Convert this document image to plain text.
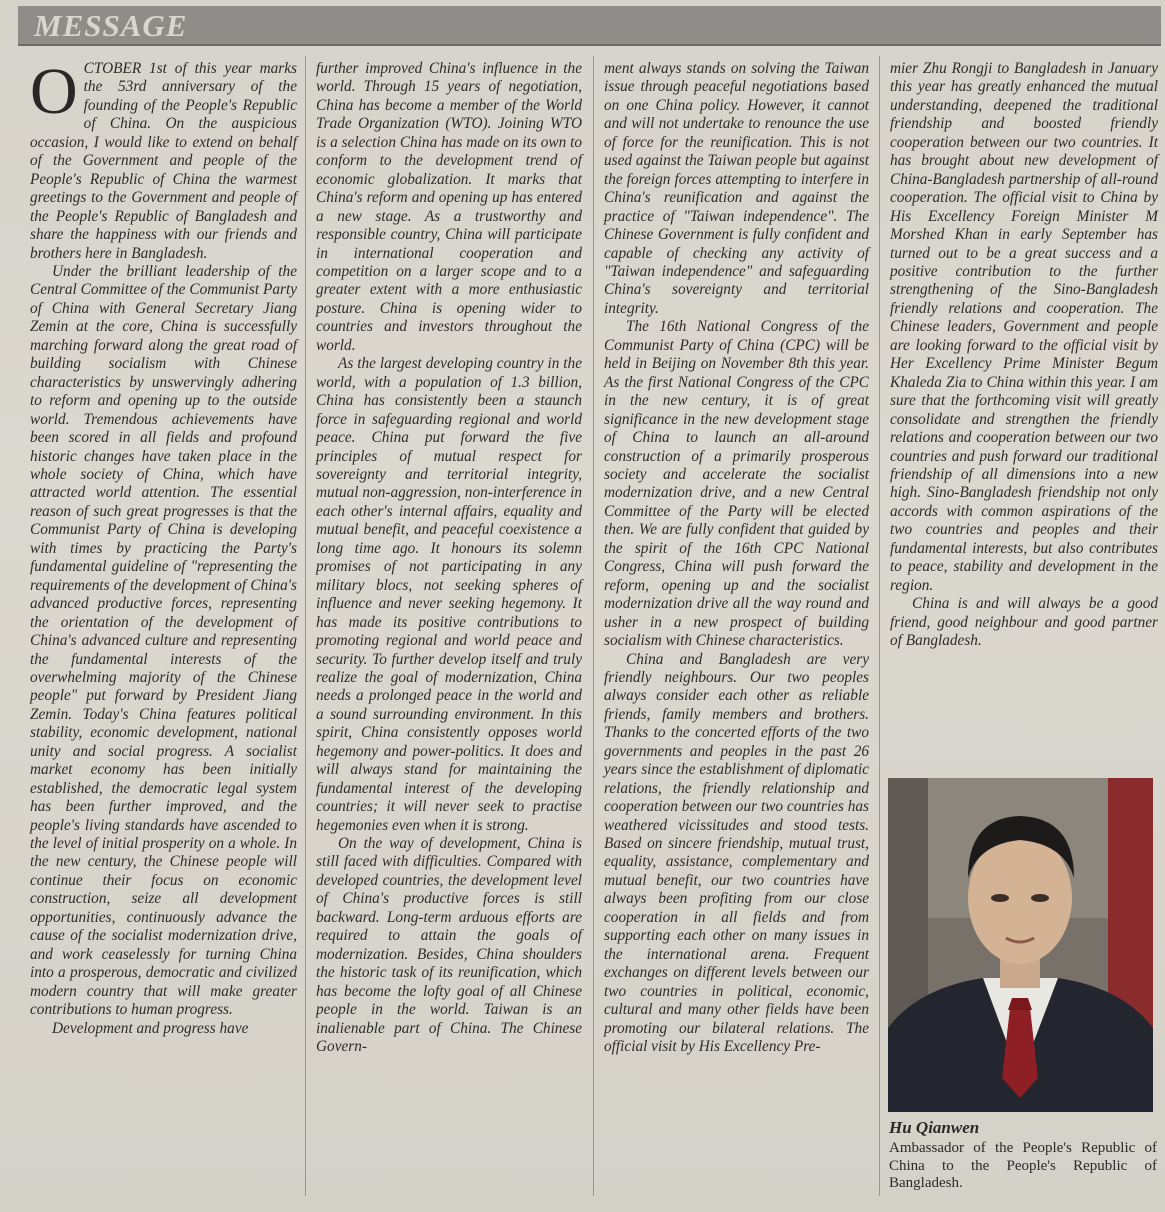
MESSAGE

OCTOBER 1st of this year marks the 53rd anniversary of the founding of the People's Republic of China. On the auspicious occasion, I would like to extend on behalf of the Government and people of the People's Republic of China the warmest greetings to the Government and people of the People's Republic of Bangladesh and share the happiness with our friends and brothers here in Bangladesh.

Under the brilliant leadership of the Central Committee of the Communist Party of China with General Secretary Jiang Zemin at the core, China is successfully marching forward along the great road of building socialism with Chinese characteristics by unswervingly adhering to reform and opening up to the outside world. Tremendous achievements have been scored in all fields and profound historic changes have taken place in the whole society of China, which have attracted world attention. The essential reason of such great progresses is that the Communist Party of China is developing with times by practicing the Party's fundamental guideline of "representing the requirements of the development of China's advanced productive forces, representing the orientation of the development of China's advanced culture and representing the fundamental interests of the overwhelming majority of the Chinese people" put forward by President Jiang Zemin. Today's China features political stability, economic development, national unity and social progress. A socialist market economy has been initially established, the democratic legal system has been further improved, and the people's living standards have ascended to the level of initial prosperity on a whole. In the new century, the Chinese people will continue their focus on economic construction, seize all development opportunities, continuously advance the cause of the socialist modernization drive, and work ceaselessly for turning China into a prosperous, democratic and civilized modern country that will make greater contributions to human progress.

Development and progress have

further improved China's influence in the world. Through 15 years of negotiation, China has become a member of the World Trade Organization (WTO). Joining WTO is a selection China has made on its own to conform to the development trend of economic globalization. It marks that China's reform and opening up has entered a new stage. As a trustworthy and responsible country, China will participate in international cooperation and competition on a larger scope and to a greater extent with a more enthusiastic posture. China is opening wider to countries and investors throughout the world.

As the largest developing country in the world, with a population of 1.3 billion, China has consistently been a staunch force in safeguarding regional and world peace. China put forward the five principles of mutual respect for sovereignty and territorial integrity, mutual non-aggression, non-interference in each other's internal affairs, equality and mutual benefit, and peaceful coexistence a long time ago. It honours its solemn promises of not participating in any military blocs, not seeking spheres of influence and never seeking hegemony. It has made its positive contributions to promoting regional and world peace and security. To further develop itself and truly realize the goal of modernization, China needs a prolonged peace in the world and a sound surrounding environment. In this spirit, China consistently opposes world hegemony and power-politics. It does and will always stand for maintaining the fundamental interest of the developing countries; it will never seek to practise hegemonies even when it is strong.

On the way of development, China is still faced with difficulties. Compared with developed countries, the development level of China's productive forces is still backward. Long-term arduous efforts are required to attain the goals of modernization. Besides, China shoulders the historic task of its reunification, which has become the lofty goal of all Chinese people in the world. Taiwan is an inalienable part of China. The Chinese Govern-

ment always stands on solving the Taiwan issue through peaceful negotiations based on one China policy. However, it cannot and will not undertake to renounce the use of force for the reunification. This is not used against the Taiwan people but against the foreign forces attempting to interfere in China's reunification and against the practice of "Taiwan independence". The Chinese Government is fully confident and capable of checking any activity of "Taiwan independence" and safeguarding China's sovereignty and territorial integrity.

The 16th National Congress of the Communist Party of China (CPC) will be held in Beijing on November 8th this year. As the first National Congress of the CPC in the new century, it is of great significance in the new development stage of China to launch an all-around construction of a primarily prosperous society and accelerate the socialist modernization drive, and a new Central Committee of the Party will be elected then. We are fully confident that guided by the spirit of the 16th CPC National Congress, China will push forward the reform, opening up and the socialist modernization drive all the way round and usher in a new prospect of building socialism with Chinese characteristics.

China and Bangladesh are very friendly neighbours. Our two peoples always consider each other as reliable friends, family members and brothers. Thanks to the concerted efforts of the two governments and peoples in the past 26 years since the establishment of diplomatic relations, the friendly relationship and cooperation between our two countries has weathered vicissitudes and stood tests. Based on sincere friendship, mutual trust, equality, assistance, complementary and mutual benefit, our two countries have always been profiting from our close cooperation in all fields and from supporting each other on many issues in the international arena. Frequent exchanges on different levels between our two countries in political, economic, cultural and many other fields have been promoting our bilateral relations. The official visit by His Excellency Pre-

mier Zhu Rongji to Bangladesh in January this year has greatly enhanced the mutual understanding, deepened the traditional friendship and boosted friendly cooperation between our two countries. It has brought about new development of China-Bangladesh partnership of all-round cooperation. The official visit to China by His Excellency Foreign Minister M Morshed Khan in early September has turned out to be a great success and a positive contribution to the further strengthening of the Sino-Bangladesh friendly relations and cooperation. The Chinese leaders, Government and people are looking forward to the official visit by Her Excellency Prime Minister Begum Khaleda Zia to China within this year. I am sure that the forthcoming visit will greatly consolidate and strengthen the friendly relations and cooperation between our two countries and push forward our traditional friendship of all dimensions into a new high. Sino-Bangladesh friendship not only accords with common aspirations of the two countries and peoples and their fundamental interests, but also contributes to peace, stability and development in the region.

China is and will always be a good friend, good neighbour and good partner of Bangladesh.

Hu Qianwen
Ambassador of the People's Republic of China to the People's Republic of Bangladesh.
